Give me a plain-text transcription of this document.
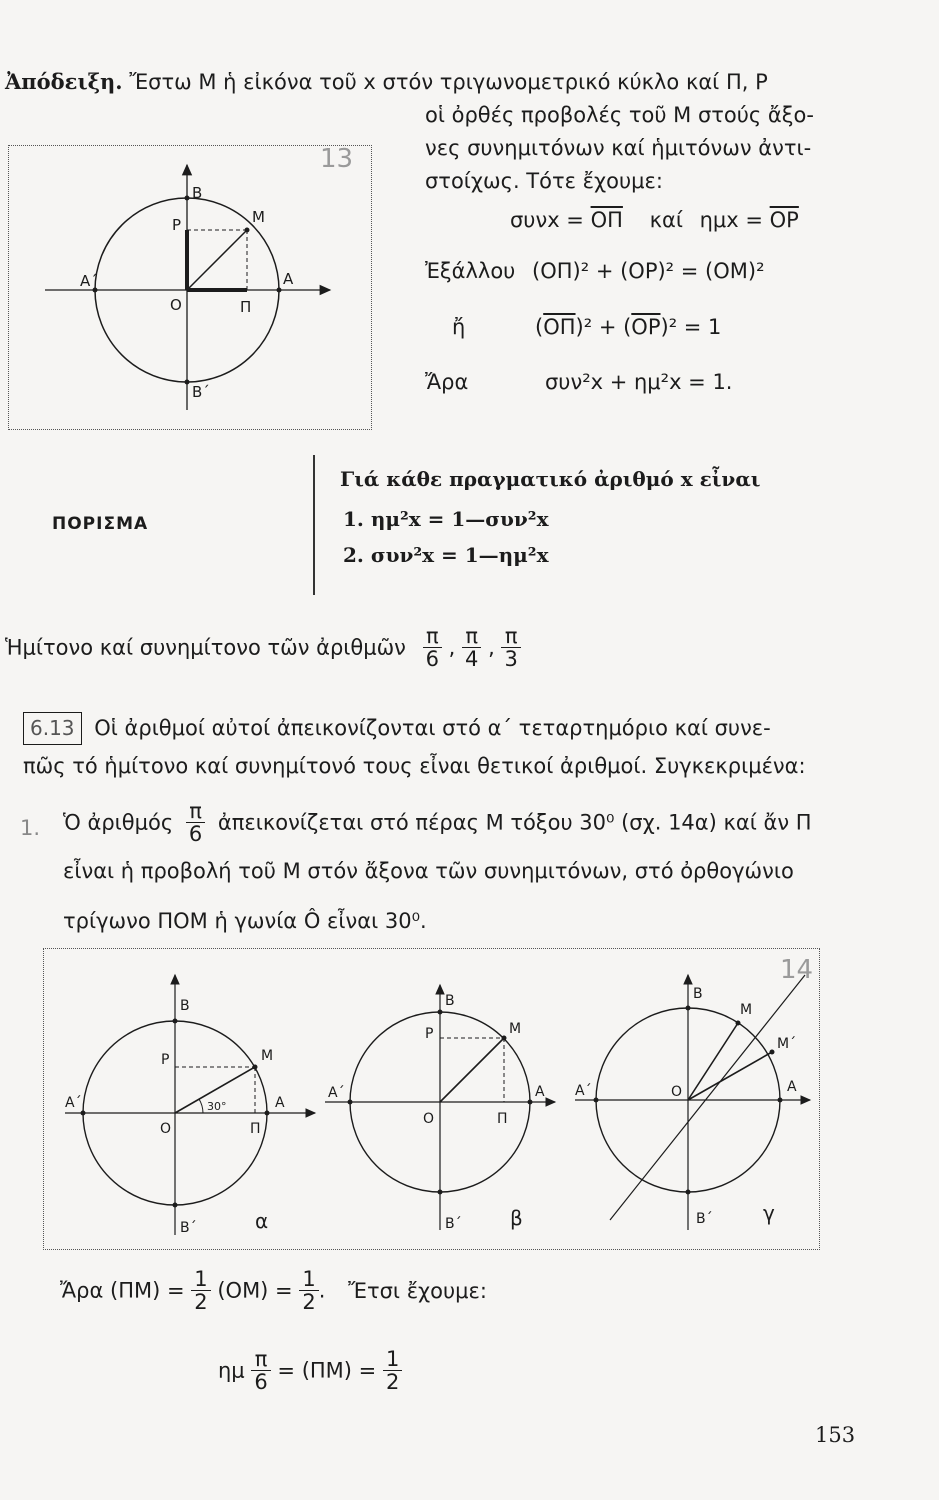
Ἀπόδειξη. Ἔστω Μ ἡ εἰκόνα τοῦ x στόν τριγωνομετρικό κύκλο καί Π, Ρ
οἱ ὀρθές προβολές τοῦ Μ στούς ἄξο-
νες συνημιτόνων καί ἡμιτόνων ἀντι-
στοίχως. Τότε ἔχουμε:
$\sigma\upsilon\nu x = \overline{O\Pi}$ καί $\eta\mu x = \overline{OP}$
Ἐξάλλου (ΟΠ)² + (ΟΡ)² = (ΟΜ)²
ἤ	$(\overline{O\Pi})^2 + (\overline{OP})^2 = 1$
Ἄρα	συν²x + ημ²x = 1.
13
Β
Ρ	Μ
Α΄	Α
Ο	Π
Β΄
ΠΟΡΙΣΜΑ
Γιά κάθε πραγματικό ἀριθμό x εἶναι
1. ημ²x = 1—συν²x
2. συν²x = 1—ημ²x
Ἡμίτονο καί συνημίτονο τῶν ἀριθμῶν $\frac{\pi}{6}$ , $\frac{\pi}{4}$ , $\frac{\pi}{3}$
6.13 Οἱ ἀριθμοί αὐτοί ἀπεικονίζονται στό α΄ τεταρτημόριο καί συνε-
πῶς τό ἡμίτονο καί συνημίτονό τους εἶναι θετικοί ἀριθμοί. Συγκεκριμένα:
1. Ὁ ἀριθμός $\frac{\pi}{6}$ ἀπεικονίζεται στό πέρας Μ τόξου 30⁰ (σχ. 14α) καί ἄν Π
εἶναι ἡ προβολή τοῦ Μ στόν ἄξονα τῶν συνημιτόνων, στό ὀρθογώνιο
τρίγωνο ΠΟΜ ἡ γωνία Ô εἶναι 30⁰.
14
Β
Ρ	Μ
Α΄	Α
Ο	Π
Β΄
30°
α
Β
Ρ	Μ
Α΄	Α
Ο	Π
Β΄ β
Β
Μ
Μ΄
Α΄	Α
Ο
Β΄	γ
Ἄρα $(\Pi M) = \frac{1}{2} (OM) = \frac{1}{2}$ . Ἔτσι ἔχουμε:
ημ $\frac{\pi}{6} = (\Pi M) = \frac{1}{2}$
153
